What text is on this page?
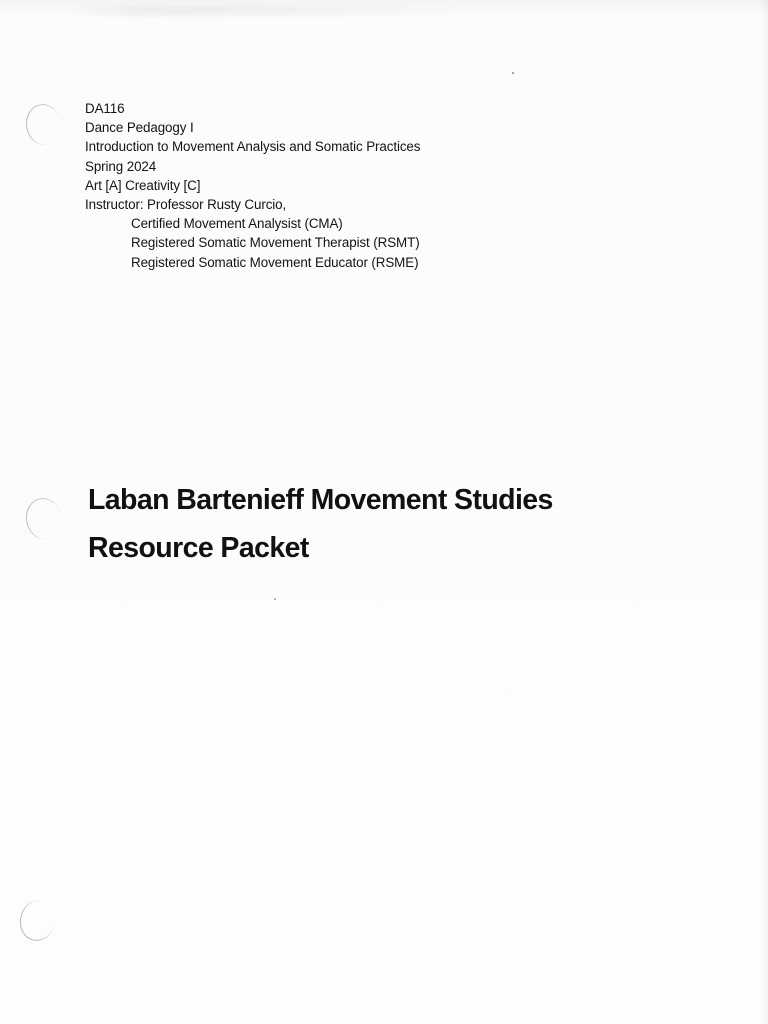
DA116
Dance Pedagogy I
Introduction to Movement Analysis and Somatic Practices
Spring 2024
Art [A] Creativity [C]
Instructor: Professor Rusty Curcio,
Certified Movement Analysist (CMA)
Registered Somatic Movement Therapist (RSMT)
Registered Somatic Movement Educator (RSME)
Laban Bartenieff Movement Studies
Resource Packet
